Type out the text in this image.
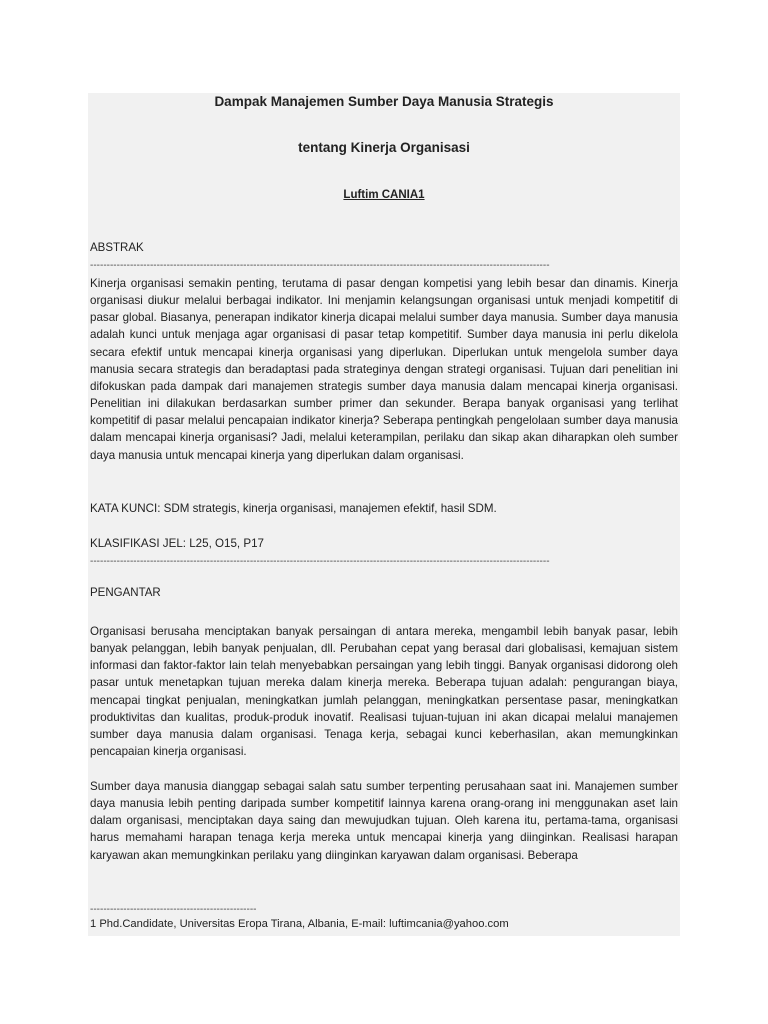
Dampak Manajemen Sumber Daya Manusia Strategis
tentang Kinerja Organisasi
Luftim CANIA1
ABSTRAK
------------------------------------------------------------------------------------------------------------------------------------------

Kinerja organisasi semakin penting, terutama di pasar dengan kompetisi yang lebih besar dan dinamis. Kinerja organisasi diukur melalui berbagai indikator. Ini menjamin kelangsungan organisasi untuk menjadi kompetitif di pasar global. Biasanya, penerapan indikator kinerja dicapai melalui sumber daya manusia. Sumber daya manusia adalah kunci untuk menjaga agar organisasi di pasar tetap kompetitif. Sumber daya manusia ini perlu dikelola secara efektif untuk mencapai kinerja organisasi yang diperlukan. Diperlukan untuk mengelola sumber daya manusia secara strategis dan beradaptasi pada strateginya dengan strategi organisasi. Tujuan dari penelitian ini difokuskan pada dampak dari manajemen strategis sumber daya manusia dalam mencapai kinerja organisasi. Penelitian ini dilakukan berdasarkan sumber primer dan sekunder. Berapa banyak organisasi yang terlihat kompetitif di pasar melalui pencapaian indikator kinerja? Seberapa pentingkah pengelolaan sumber daya manusia dalam mencapai kinerja organisasi? Jadi, melalui keterampilan, perilaku dan sikap akan diharapkan oleh sumber daya manusia untuk mencapai kinerja yang diperlukan dalam organisasi.

KATA KUNCI: SDM strategis, kinerja organisasi, manajemen efektif, hasil SDM.
KLASIFIKASI JEL: L25, O15, P17
------------------------------------------------------------------------------------------------------------------------------------------
PENGANTAR

Organisasi berusaha menciptakan banyak persaingan di antara mereka, mengambil lebih banyak pasar, lebih banyak pelanggan, lebih banyak penjualan, dll. Perubahan cepat yang berasal dari globalisasi, kemajuan sistem informasi dan faktor-faktor lain telah menyebabkan persaingan yang lebih tinggi. Banyak organisasi didorong oleh pasar untuk menetapkan tujuan mereka dalam kinerja mereka. Beberapa tujuan adalah: pengurangan biaya, mencapai tingkat penjualan, meningkatkan jumlah pelanggan, meningkatkan persentase pasar, meningkatkan produktivitas dan kualitas, produk-produk inovatif. Realisasi tujuan-tujuan ini akan dicapai melalui manajemen sumber daya manusia dalam organisasi. Tenaga kerja, sebagai kunci keberhasilan, akan memungkinkan pencapaian kinerja organisasi.

Sumber daya manusia dianggap sebagai salah satu sumber terpenting perusahaan saat ini. Manajemen sumber daya manusia lebih penting daripada sumber kompetitif lainnya karena orang-orang ini menggunakan aset lain dalam organisasi, menciptakan daya saing dan mewujudkan tujuan. Oleh karena itu, pertama-tama, organisasi harus memahami harapan tenaga kerja mereka untuk mencapai kinerja yang diinginkan. Realisasi harapan karyawan akan memungkinkan perilaku yang diinginkan karyawan dalam organisasi. Beberapa

--------------------------------------------------
1 Phd.Candidate, Universitas Eropa Tirana, Albania, E-mail: luftimcania@yahoo.com
